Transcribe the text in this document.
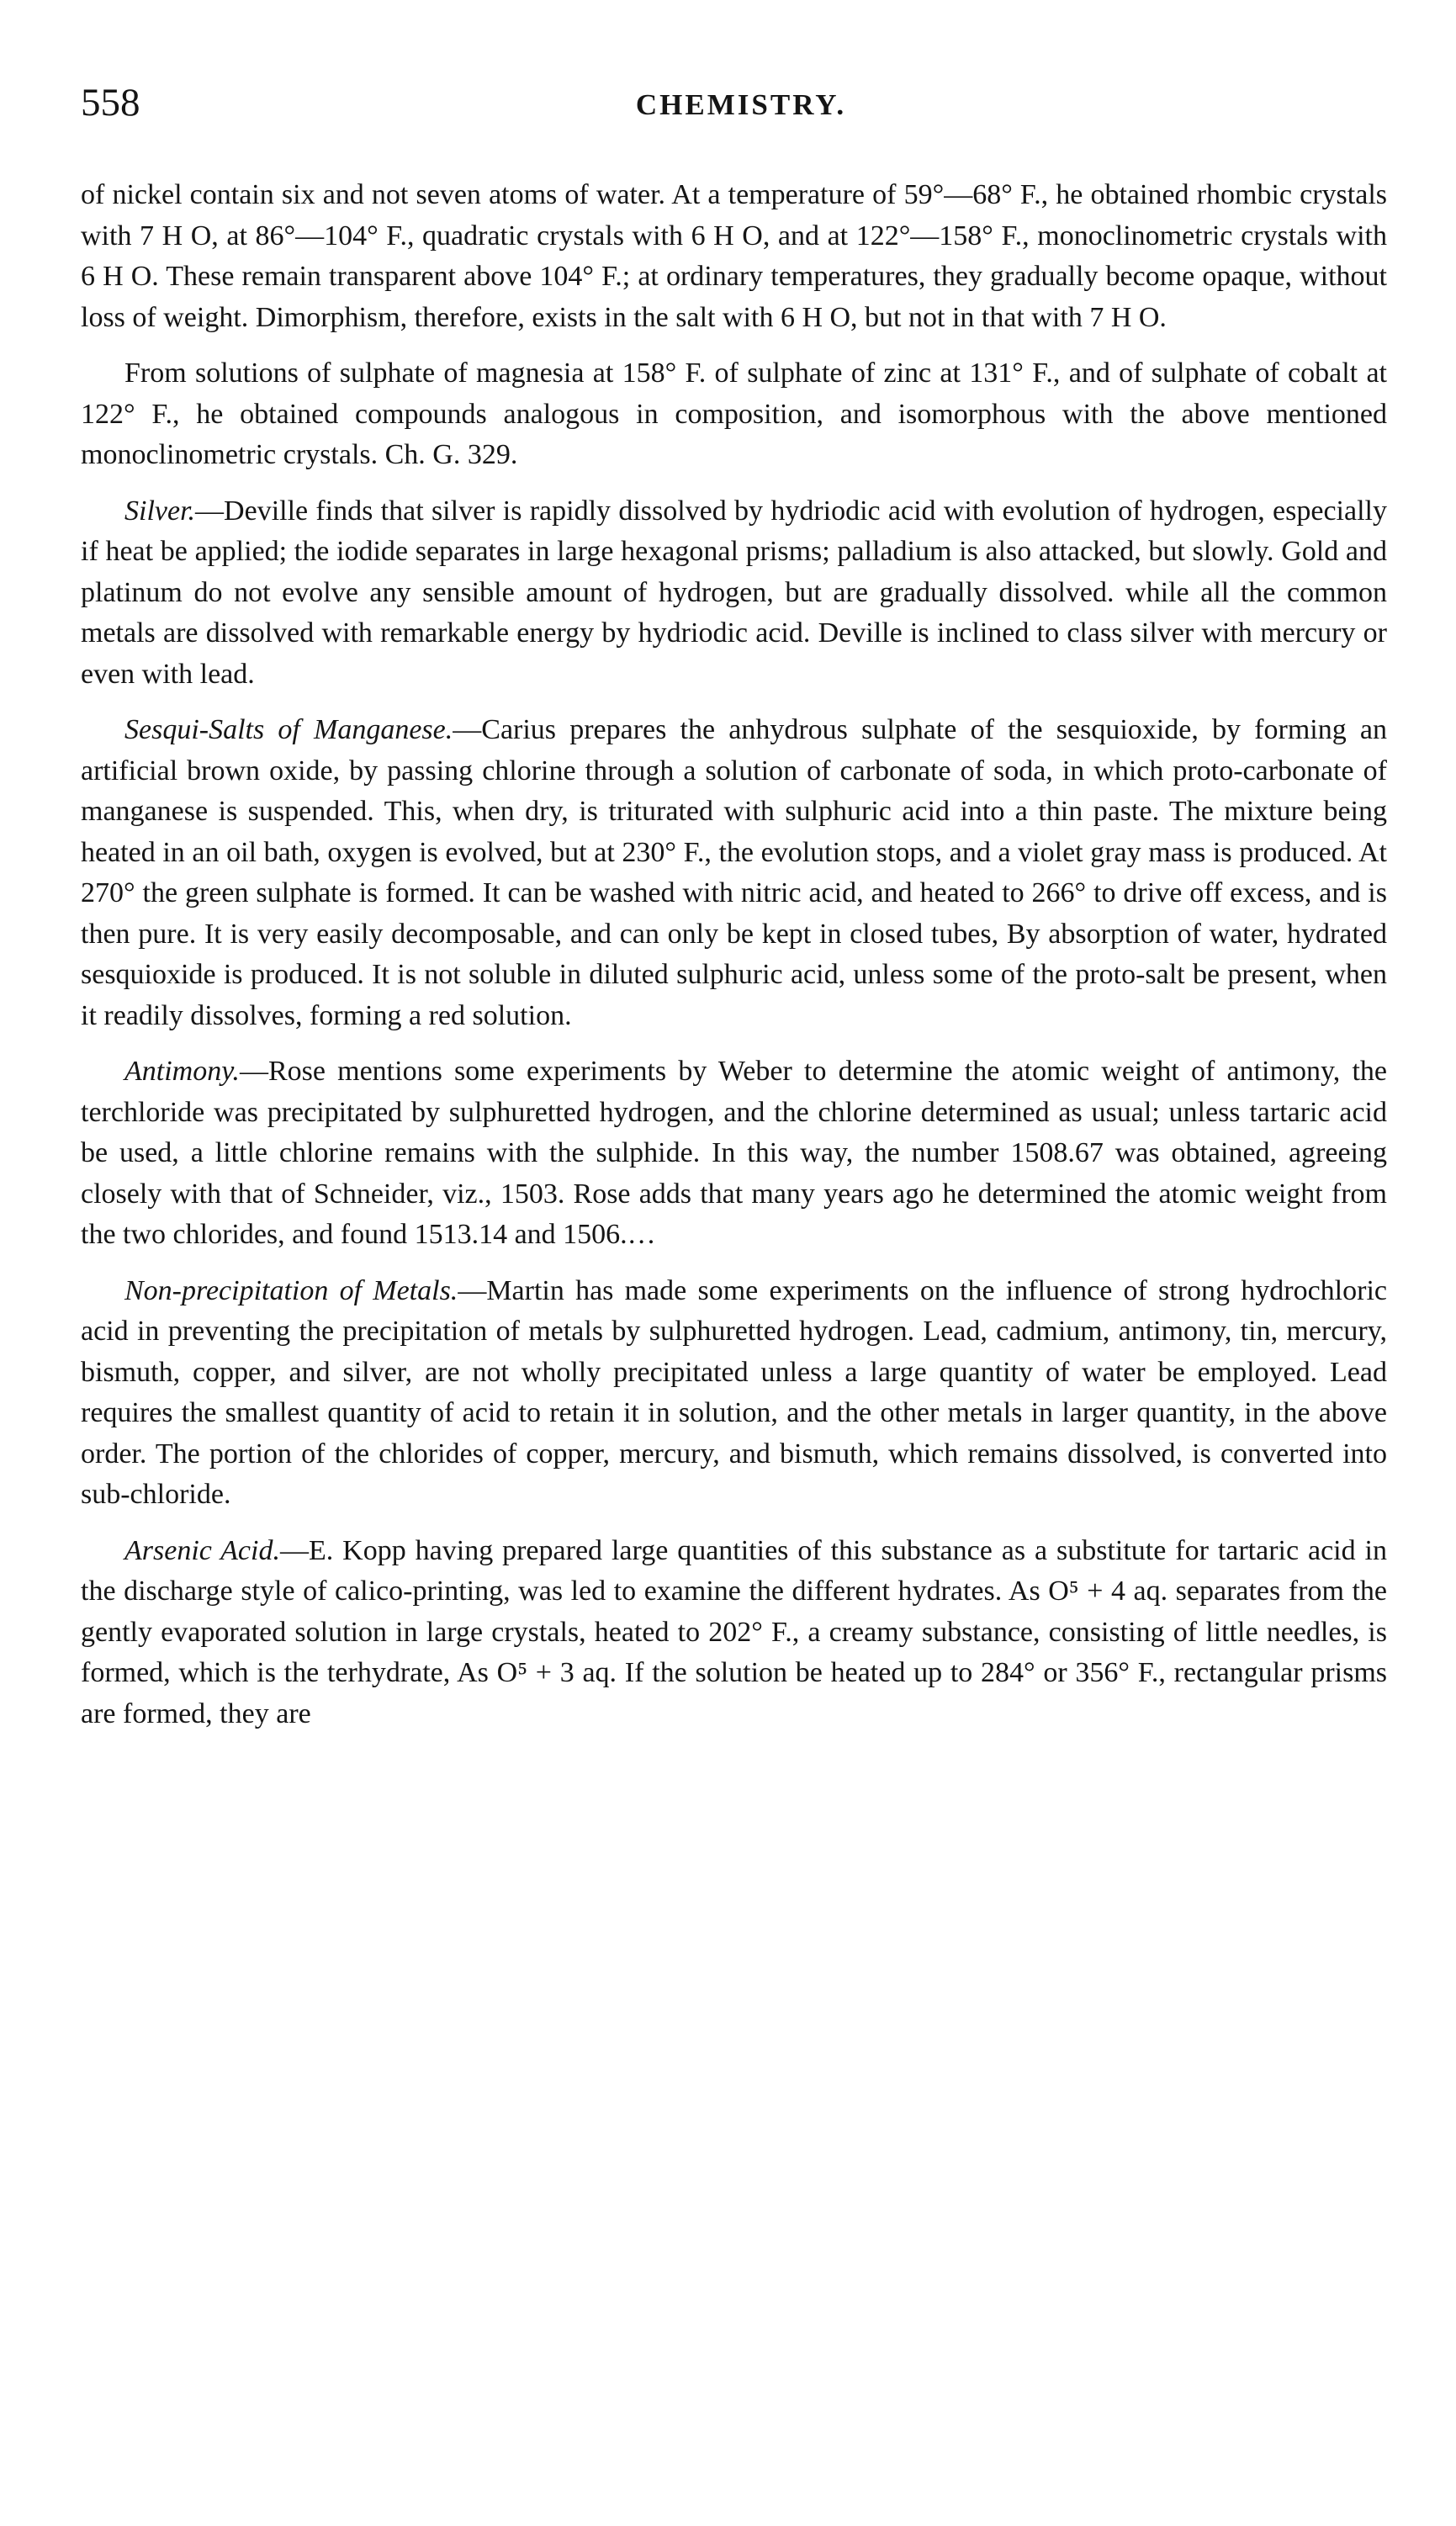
558	CHEMISTRY.

of nickel contain six and not seven atoms of water. At a temperature of 59°—68° F., he obtained rhombic crystals with 7 H O, at 86°—104° F., quadratic crystals with 6 H O, and at 122°—158° F., monoclinometric crystals with 6 H O. These remain transparent above 104° F.; at ordinary temperatures, they gradually become opaque, without loss of weight. Dimorphism, therefore, exists in the salt with 6 H O, but not in that with 7 H O.

From solutions of sulphate of magnesia at 158° F. of sulphate of zinc at 131° F., and of sulphate of cobalt at 122° F., he obtained compounds analogous in composition, and isomorphous with the above mentioned monoclinometric crystals. Ch. G. 329.

Silver.—Deville finds that silver is rapidly dissolved by hydriodic acid with evolution of hydrogen, especially if heat be applied; the iodide separates in large hexagonal prisms; palladium is also attacked, but slowly. Gold and platinum do not evolve any sensible amount of hydrogen, but are gradually dissolved. while all the common metals are dissolved with remarkable energy by hydriodic acid. Deville is inclined to class silver with mercury or even with lead.

Sesqui-Salts of Manganese.—Carius prepares the anhydrous sulphate of the sesquioxide, by forming an artificial brown oxide, by passing chlorine through a solution of carbonate of soda, in which proto-carbonate of manganese is suspended. This, when dry, is triturated with sulphuric acid into a thin paste. The mixture being heated in an oil bath, oxygen is evolved, but at 230° F., the evolution stops, and a violet gray mass is produced. At 270° the green sulphate is formed. It can be washed with nitric acid, and heated to 266° to drive off excess, and is then pure. It is very easily decomposable, and can only be kept in closed tubes, By absorption of water, hydrated sesquioxide is produced. It is not soluble in diluted sulphuric acid, unless some of the proto-salt be present, when it readily dissolves, forming a red solution.

Antimony.—Rose mentions some experiments by Weber to determine the atomic weight of antimony, the terchloride was precipitated by sulphuretted hydrogen, and the chlorine determined as usual; unless tartaric acid be used, a little chlorine remains with the sulphide. In this way, the number 1508.67 was obtained, agreeing closely with that of Schneider, viz., 1503. Rose adds that many years ago he determined the atomic weight from the two chlorides, and found 1513.14 and 1506.…

Non-precipitation of Metals.—Martin has made some experiments on the influence of strong hydrochloric acid in preventing the precipitation of metals by sulphuretted hydrogen. Lead, cadmium, antimony, tin, mercury, bismuth, copper, and silver, are not wholly precipitated unless a large quantity of water be employed. Lead requires the smallest quantity of acid to retain it in solution, and the other metals in larger quantity, in the above order. The portion of the chlorides of copper, mercury, and bismuth, which remains dissolved, is converted into sub-chloride.

Arsenic Acid.—E. Kopp having prepared large quantities of this substance as a substitute for tartaric acid in the discharge style of calico-printing, was led to examine the different hydrates. As O⁵ + 4 aq. separates from the gently evaporated solution in large crystals, heated to 202° F., a creamy substance, consisting of little needles, is formed, which is the terhydrate, As O⁵ + 3 aq. If the solution be heated up to 284° or 356° F., rectangular prisms are formed, they are
